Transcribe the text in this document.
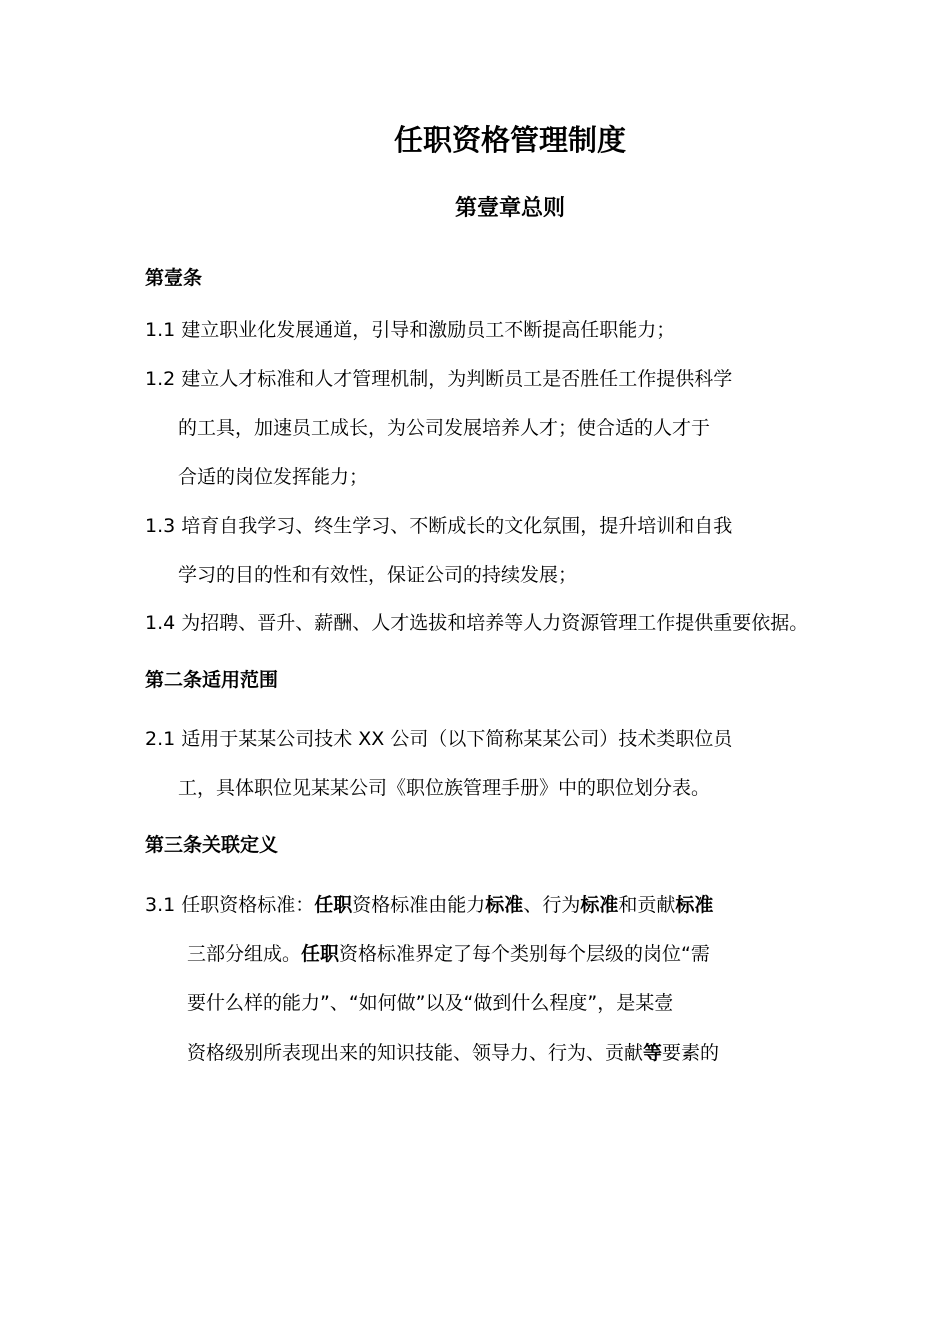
任职资格管理制度
第壹章总则
第壹条
1.1 建立职业化发展通道，引导和激励员工不断提高任职能力；
1.2 建立人才标准和人才管理机制，为判断员工是否胜任工作提供科学
的工具，加速员工成长，为公司发展培养人才；使合适的人才于
合适的岗位发挥能力；
1.3 培育自我学习、终生学习、不断成长的文化氛围，提升培训和自我
学习的目的性和有效性，保证公司的持续发展；
1.4 为招聘、晋升、薪酬、人才选拔和培养等人力资源管理工作提供重要依据。
第二条适用范围
2.1 适用于某某公司技术 XX 公司（以下简称某某公司）技术类职位员
工，具体职位见某某公司《职位族管理手册》中的职位划分表。
第三条关联定义
3.1 任职资格标准：任职资格标准由能力标准、行为标准和贡献标准
三部分组成。任职资格标准界定了每个类别每个层级的岗位“需
要什么样的能力”、“如何做”以及“做到什么程度”，是某壹
资格级别所表现出来的知识技能、领导力、行为、贡献等要素的
